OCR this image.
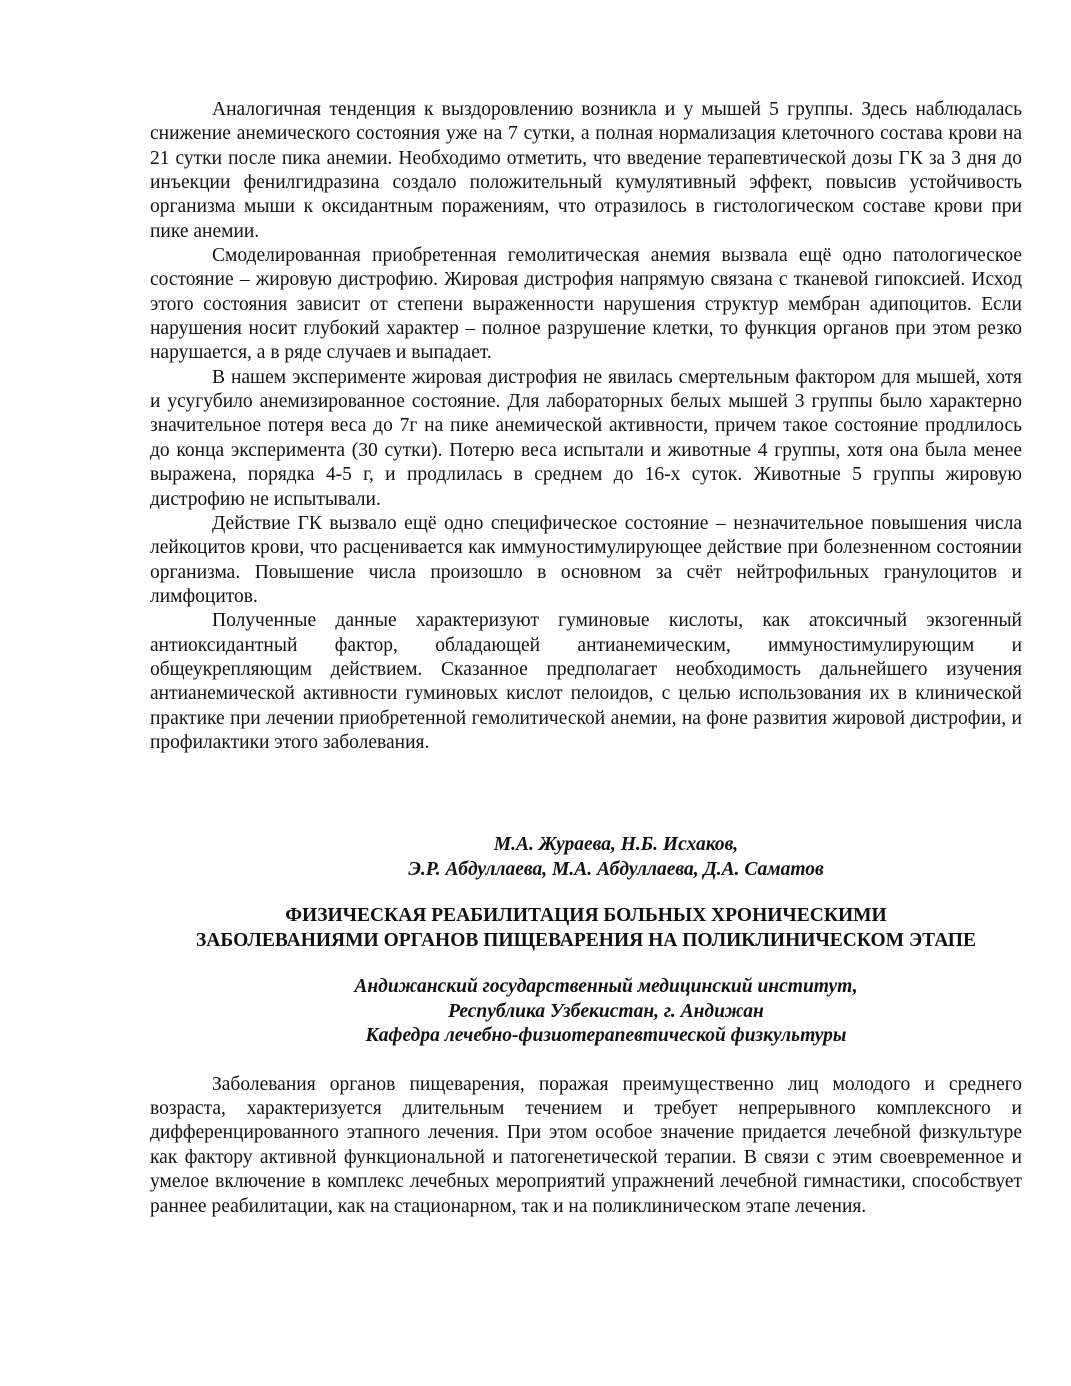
Аналогичная тенденция к выздоровлению возникла и у мышей 5 группы. Здесь наблюдалась снижение анемического состояния уже на 7 сутки, а полная нормализация клеточного состава крови на 21 сутки после пика анемии. Необходимо отметить, что введение терапевтической дозы ГК за 3 дня до инъекции фенилгидразина создало положительный кумулятивный эффект, повысив устойчивость организма мыши к оксидантным поражениям, что отразилось в гистологическом составе крови при пике анемии.

Смоделированная приобретенная гемолитическая анемия вызвала ещё одно патологическое состояние – жировую дистрофию. Жировая дистрофия напрямую связана с тканевой гипоксией. Исход этого состояния зависит от степени выраженности нарушения структур мембран адипоцитов. Если нарушения носит глубокий характер – полное разрушение клетки, то функция органов при этом резко нарушается, а в ряде случаев и выпадает.

В нашем эксперименте жировая дистрофия не явилась смертельным фактором для мышей, хотя и усугубило анемизированное состояние. Для лабораторных белых мышей 3 группы было характерно значительное потеря веса до 7г на пике анемической активности, причем такое состояние продлилось до конца эксперимента (30 сутки). Потерю веса испытали и животные 4 группы, хотя она была менее выражена, порядка 4-5 г, и продлилась в среднем до 16-х суток. Животные 5 группы жировую дистрофию не испытывали.

Действие ГК вызвало ещё одно специфическое состояние – незначительное повышения числа лейкоцитов крови, что расценивается как иммуностимулирующее действие при болезненном состоянии организма. Повышение числа произошло в основном за счёт нейтрофильных гранулоцитов и лимфоцитов.

Полученные данные характеризуют гуминовые кислоты, как атоксичный экзогенный антиоксидантный фактор, обладающей антианемическим, иммуностимулирующим и общеукрепляющим действием. Сказанное предполагает необходимость дальнейшего изучения антианемической активности гуминовых кислот пелоидов, с целью использования их в клинической практике при лечении приобретенной гемолитической анемии, на фоне развития жировой дистрофии, и профилактики этого заболевания.

М.А. Жураева, Н.Б. Исхаков,
Э.Р. Абдуллаева, М.А. Абдуллаева, Д.А. Саматов
ФИЗИЧЕСКАЯ РЕАБИЛИТАЦИЯ БОЛЬНЫХ ХРОНИЧЕСКИМИ
ЗАБОЛЕВАНИЯМИ ОРГАНОВ ПИЩЕВАРЕНИЯ НА ПОЛИКЛИНИЧЕСКОМ ЭТАПЕ
Андижанский государственный медицинский институт,
Республика Узбекистан, г. Андижан
Кафедра лечебно-физиотерапевтической физкультуры

Заболевания органов пищеварения, поражая преимущественно лиц молодого и среднего возраста, характеризуется длительным течением и требует непрерывного комплексного и дифференцированного этапного лечения. При этом особое значение придается лечебной физкультуре как фактору активной функциональной и патогенетической терапии. В связи с этим своевременное и умелое включение в комплекс лечебных мероприятий упражнений лечебной гимнастики, способствует раннее реабилитации, как на стационарном, так и на поликлиническом этапе лечения.
